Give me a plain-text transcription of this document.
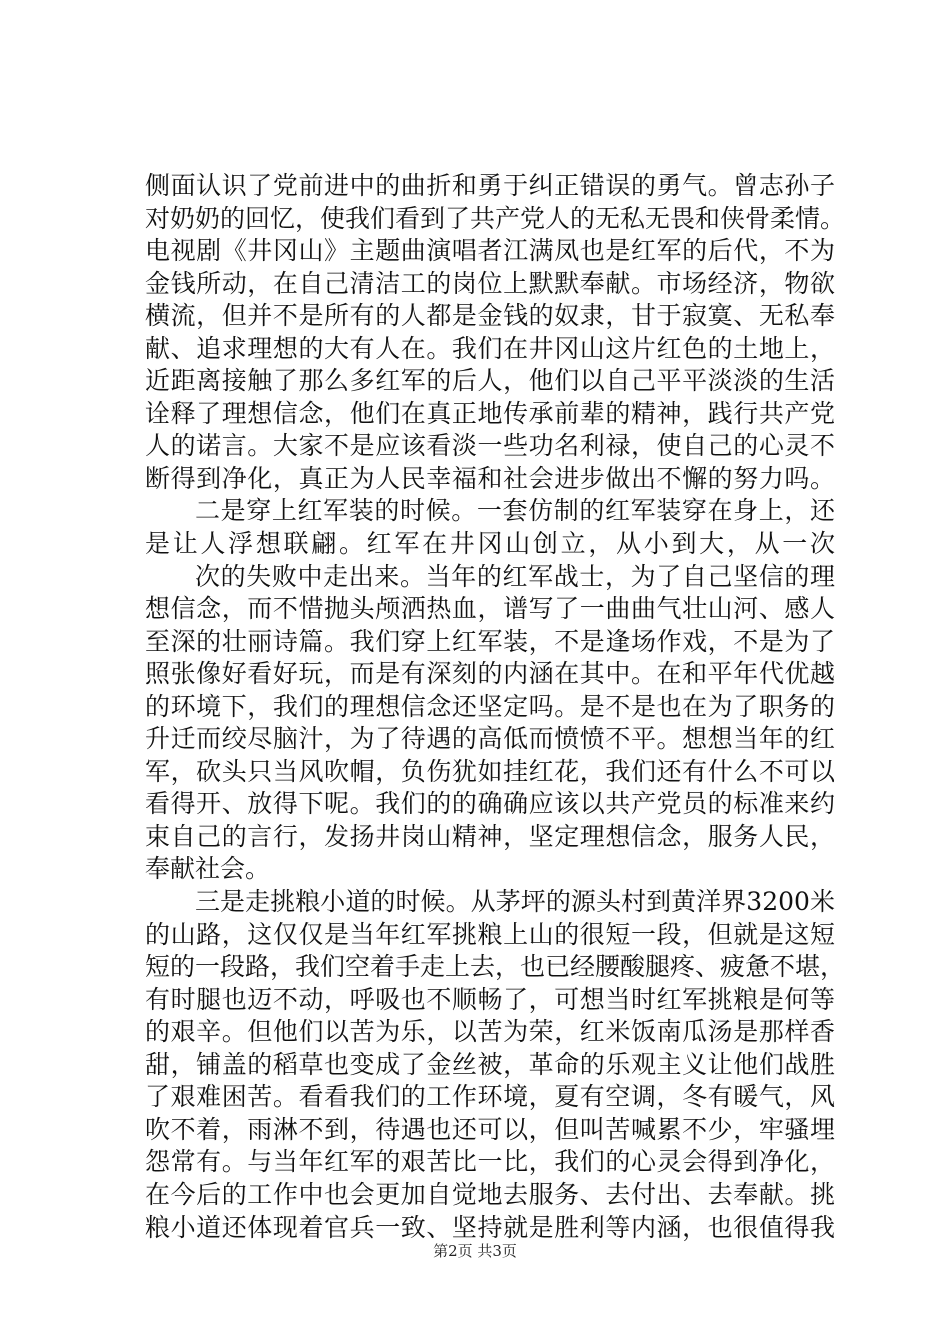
侧面认识了党前进中的曲折和勇于纠正错误的勇气。曾志孙子
对奶奶的回忆，使我们看到了共产党人的无私无畏和侠骨柔情。
电视剧《井冈山》主题曲演唱者江满凤也是红军的后代，不为
金钱所动，在自己清洁工的岗位上默默奉献。市场经济，物欲
横流，但并不是所有的人都是金钱的奴隶，甘于寂寞、无私奉
献、追求理想的大有人在。我们在井冈山这片红色的土地上，
近距离接触了那么多红军的后人，他们以自己平平淡淡的生活
诠释了理想信念，他们在真正地传承前辈的精神，践行共产党
人的诺言。大家不是应该看淡一些功名利禄，使自己的心灵不
断得到净化，真正为人民幸福和社会进步做出不懈的努力吗。
二是穿上红军装的时候。一套仿制的红军装穿在身上，还
是让人浮想联翩。红军在井冈山创立，从小到大，从一次
次的失败中走出来。当年的红军战士，为了自己坚信的理
想信念，而不惜抛头颅洒热血，谱写了一曲曲气壮山河、感人
至深的壮丽诗篇。我们穿上红军装，不是逢场作戏，不是为了
照张像好看好玩，而是有深刻的内涵在其中。在和平年代优越
的环境下，我们的理想信念还坚定吗。是不是也在为了职务的
升迁而绞尽脑汁，为了待遇的高低而愤愤不平。想想当年的红
军，砍头只当风吹帽，负伤犹如挂红花，我们还有什么不可以
看得开、放得下呢。我们的的确确应该以共产党员的标准来约
束自己的言行，发扬井岗山精神，坚定理想信念，服务人民，
奉献社会。
三是走挑粮小道的时候。从茅坪的源头村到黄洋界3200米
的山路，这仅仅是当年红军挑粮上山的很短一段，但就是这短
短的一段路，我们空着手走上去，也已经腰酸腿疼、疲惫不堪，
有时腿也迈不动，呼吸也不顺畅了，可想当时红军挑粮是何等
的艰辛。但他们以苦为乐，以苦为荣，红米饭南瓜汤是那样香
甜，铺盖的稻草也变成了金丝被，革命的乐观主义让他们战胜
了艰难困苦。看看我们的工作环境，夏有空调，冬有暖气，风
吹不着，雨淋不到，待遇也还可以，但叫苦喊累不少，牢骚埋
怨常有。与当年红军的艰苦比一比，我们的心灵会得到净化，
在今后的工作中也会更加自觉地去服务、去付出、去奉献。挑
粮小道还体现着官兵一致、坚持就是胜利等内涵，也很值得我
第2页 共3页
